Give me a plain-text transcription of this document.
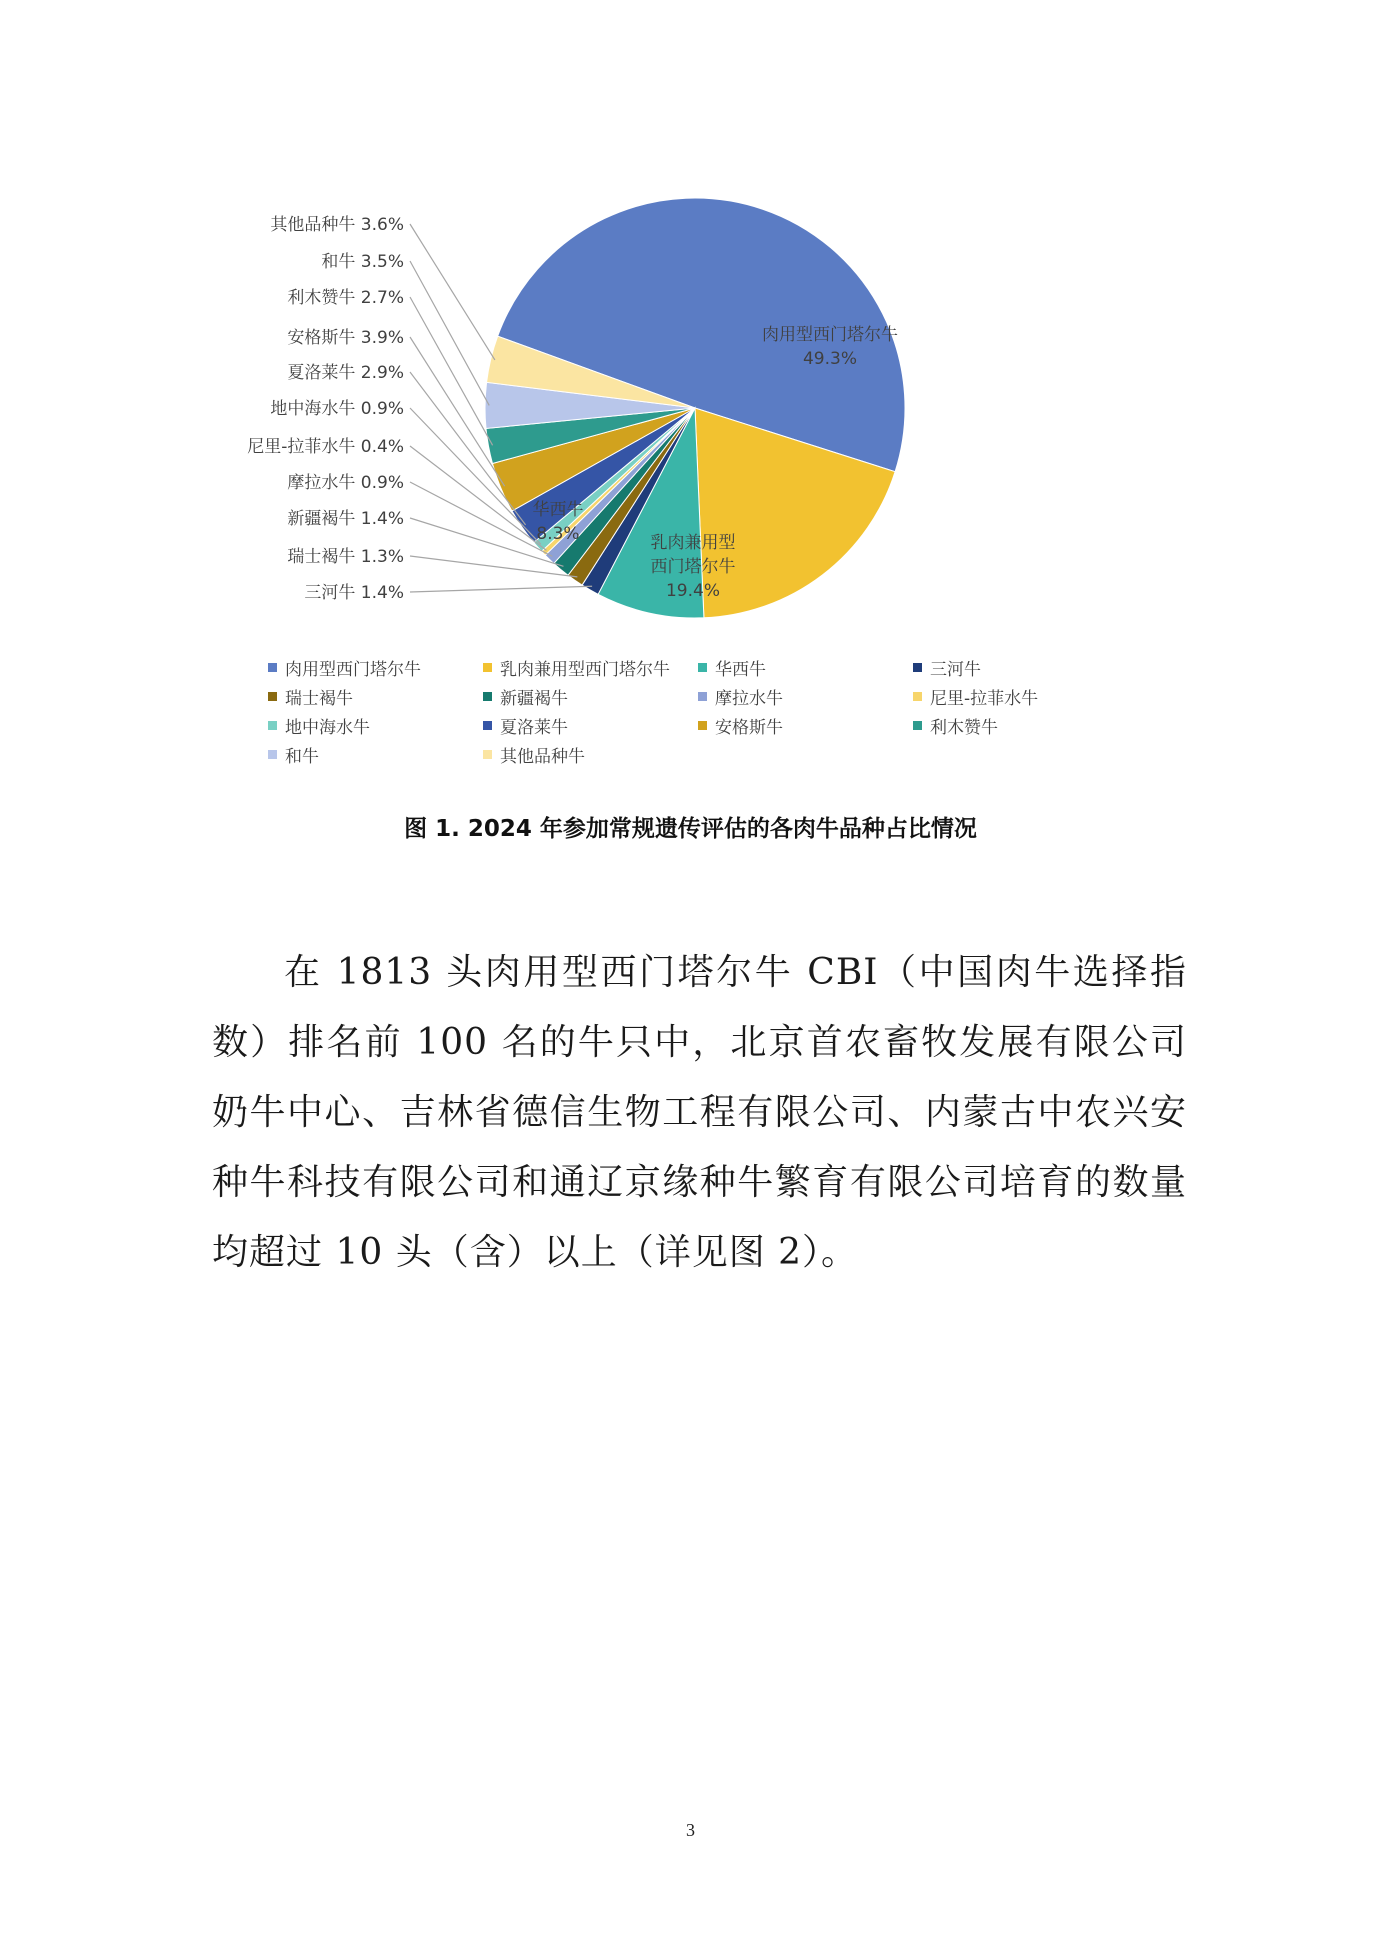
三河牛 1.4%
瑞士褐牛 1.3%
新疆褐牛 1.4%
摩拉水牛 0.9%
尼里-拉菲水牛 0.4%
地中海水牛 0.9%
夏洛莱牛 2.9%
安格斯牛 3.9%
利木赞牛 2.7%
和牛 3.5%
其他品种牛 3.6%
肉用型西门塔尔牛
49.3%
乳肉兼用型
西门塔尔牛
19.4%
华西牛
8.3%
肉用型西门塔尔牛	乳肉兼用型西门塔尔牛	华西牛	三河牛
瑞士褐牛	新疆褐牛	摩拉水牛	尼里-拉菲水牛
地中海水牛	夏洛莱牛	安格斯牛	利木赞牛
和牛	其他品种牛
图 1. 2024 年参加常规遗传评估的各肉牛品种占比情况
在 1813 头肉用型西门塔尔牛 CBI（中国肉牛选择指数）排名前 100 名的牛只中，北京首农畜牧发展有限公司奶牛中心、吉林省德信生物工程有限公司、内蒙古中农兴安种牛科技有限公司和通辽京缘种牛繁育有限公司培育的数量均超过 10 头（含）以上（详见图 2）。
3
